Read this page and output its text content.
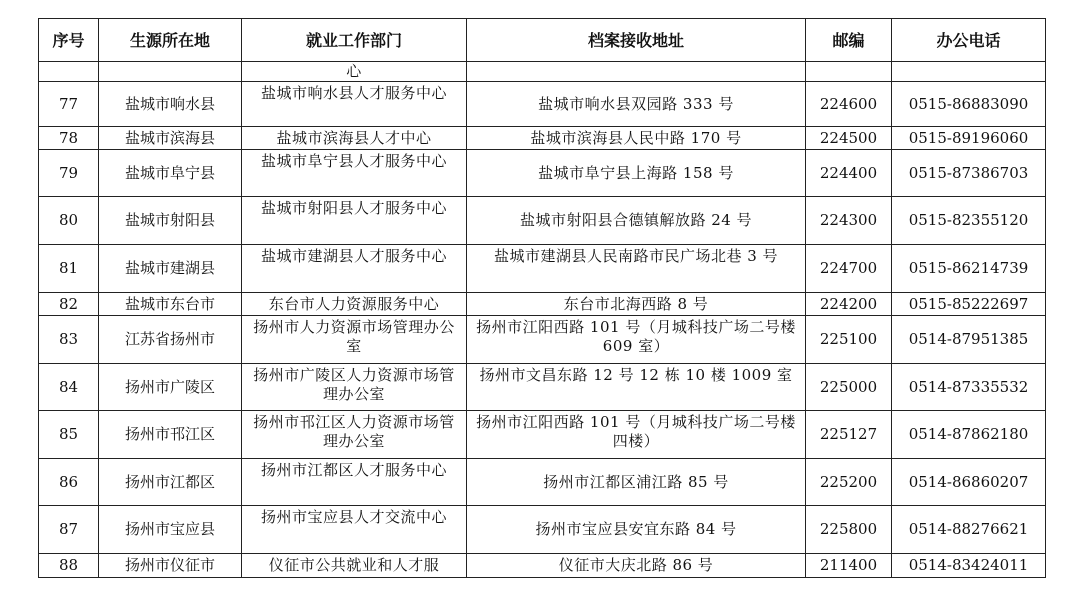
序号	生源所在地	就业工作部门	档案接收地址	邮编	办公电话
		心			
77	盐城市响水县	盐城市响水县人才服务中心	盐城市响水县双园路 333 号	224600	0515-86883090
78	盐城市滨海县	盐城市滨海县人才中心	盐城市滨海县人民中路 170 号	224500	0515-89196060
79	盐城市阜宁县	盐城市阜宁县人才服务中心	盐城市阜宁县上海路 158 号	224400	0515-87386703
80	盐城市射阳县	盐城市射阳县人才服务中心	盐城市射阳县合德镇解放路 24 号	224300	0515-82355120
81	盐城市建湖县	盐城市建湖县人才服务中心	盐城市建湖县人民南路市民广场北巷 3 号	224700	0515-86214739
82	盐城市东台市	东台市人力资源服务中心	东台市北海西路 8 号	224200	0515-85222697
83	江苏省扬州市	扬州市人力资源市场管理办公室	扬州市江阳西路 101 号（月城科技广场二号楼 609 室）	225100	0514-87951385
84	扬州市广陵区	扬州市广陵区人力资源市场管理办公室	扬州市文昌东路 12 号 12 栋 10 楼 1009 室	225000	0514-87335532
85	扬州市邗江区	扬州市邗江区人力资源市场管理办公室	扬州市江阳西路 101 号（月城科技广场二号楼四楼）	225127	0514-87862180
86	扬州市江都区	扬州市江都区人才服务中心	扬州市江都区浦江路 85 号	225200	0514-86860207
87	扬州市宝应县	扬州市宝应县人才交流中心	扬州市宝应县安宜东路 84 号	225800	0514-88276621
88	扬州市仪征市	仪征市公共就业和人才服	仪征市大庆北路 86 号	211400	0514-83424011
